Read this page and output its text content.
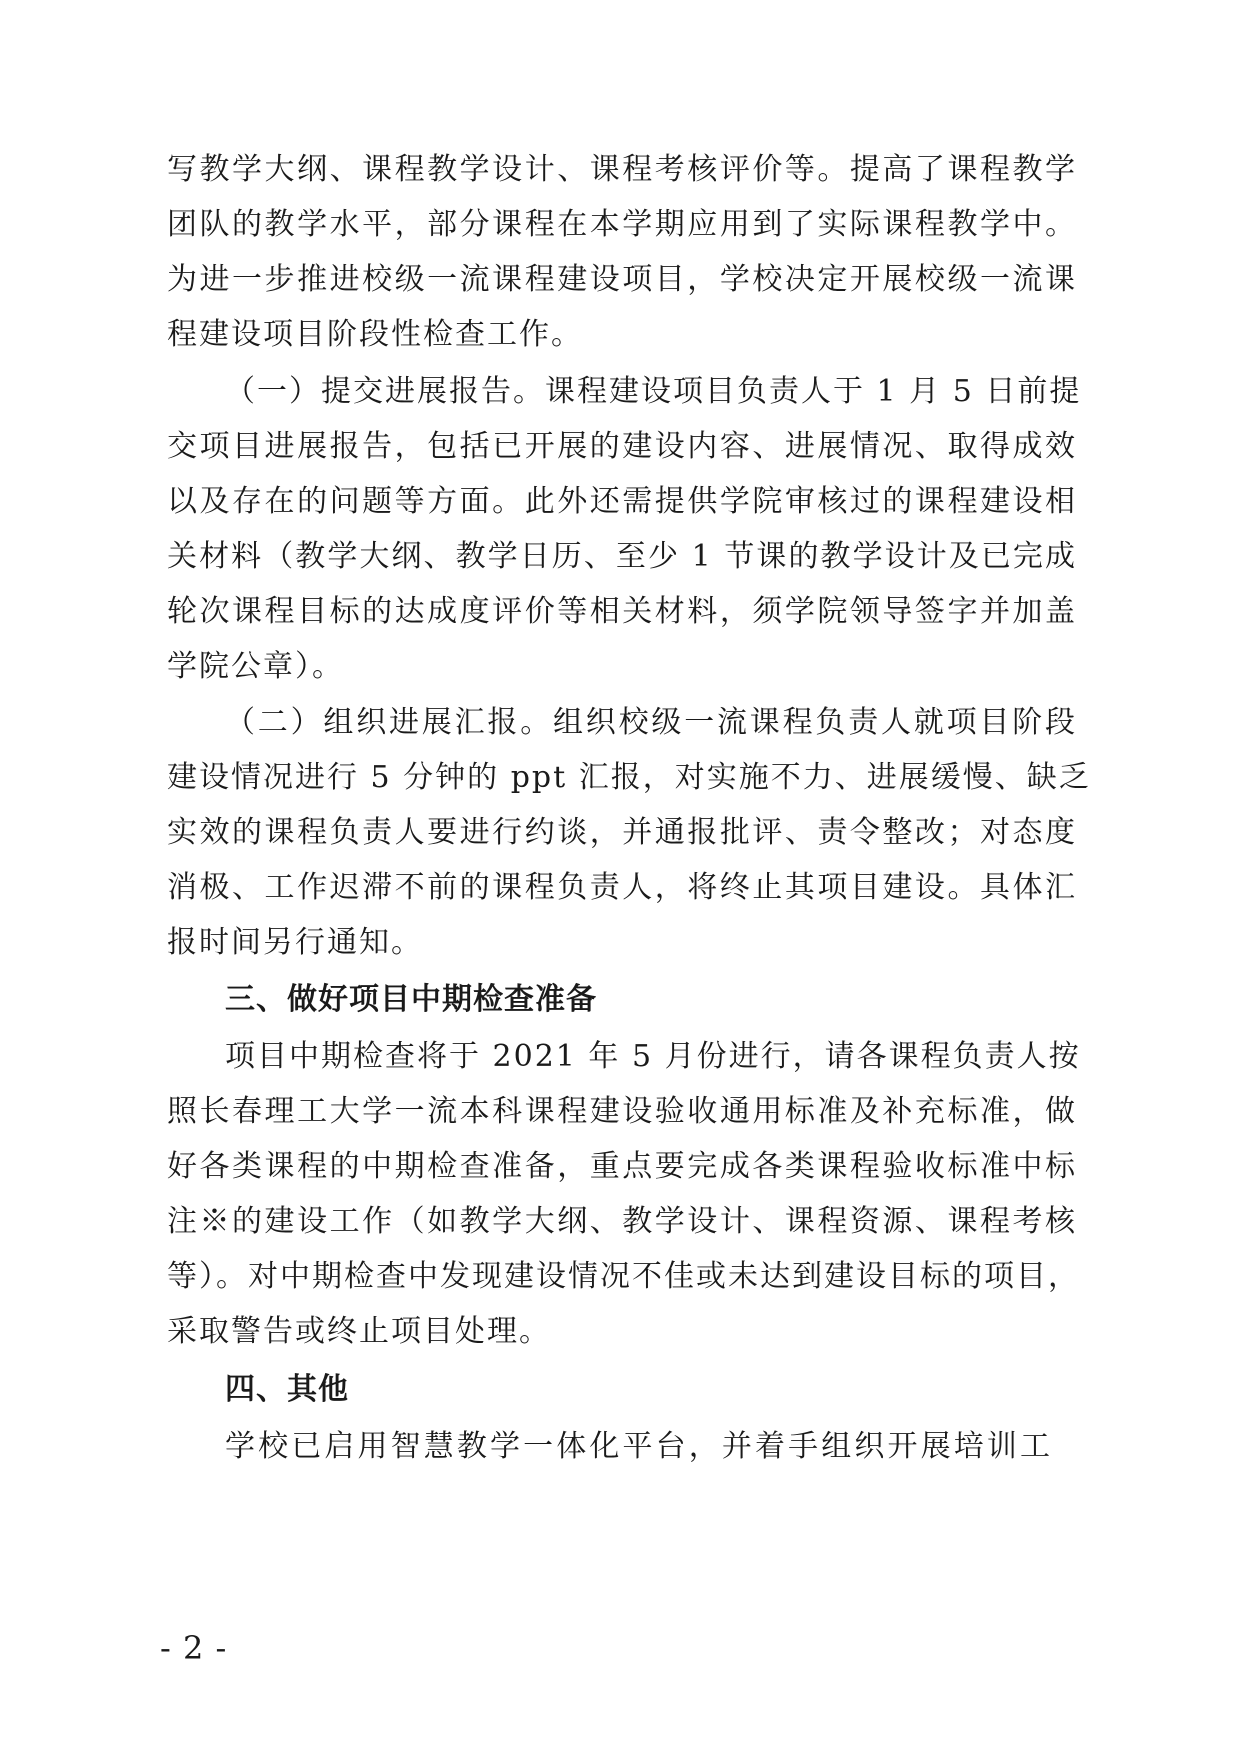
写教学大纲、课程教学设计、课程考核评价等。提高了课程教学
团队的教学水平，部分课程在本学期应用到了实际课程教学中。
为进一步推进校级一流课程建设项目，学校决定开展校级一流课
程建设项目阶段性检查工作。
（一）提交进展报告。课程建设项目负责人于 1 月 5 日前提
交项目进展报告，包括已开展的建设内容、进展情况、取得成效
以及存在的问题等方面。此外还需提供学院审核过的课程建设相
关材料（教学大纲、教学日历、至少 1 节课的教学设计及已完成
轮次课程目标的达成度评价等相关材料，须学院领导签字并加盖
学院公章）。
（二）组织进展汇报。组织校级一流课程负责人就项目阶段
建设情况进行 5 分钟的 ppt 汇报，对实施不力、进展缓慢、缺乏
实效的课程负责人要进行约谈，并通报批评、责令整改；对态度
消极、工作迟滞不前的课程负责人，将终止其项目建设。具体汇
报时间另行通知。
三、做好项目中期检查准备
项目中期检查将于 2021 年 5 月份进行，请各课程负责人按
照长春理工大学一流本科课程建设验收通用标准及补充标准，做
好各类课程的中期检查准备，重点要完成各类课程验收标准中标
注※的建设工作（如教学大纲、教学设计、课程资源、课程考核
等）。对中期检查中发现建设情况不佳或未达到建设目标的项目，
采取警告或终止项目处理。
四、其他
学校已启用智慧教学一体化平台，并着手组织开展培训工
- 2 -
